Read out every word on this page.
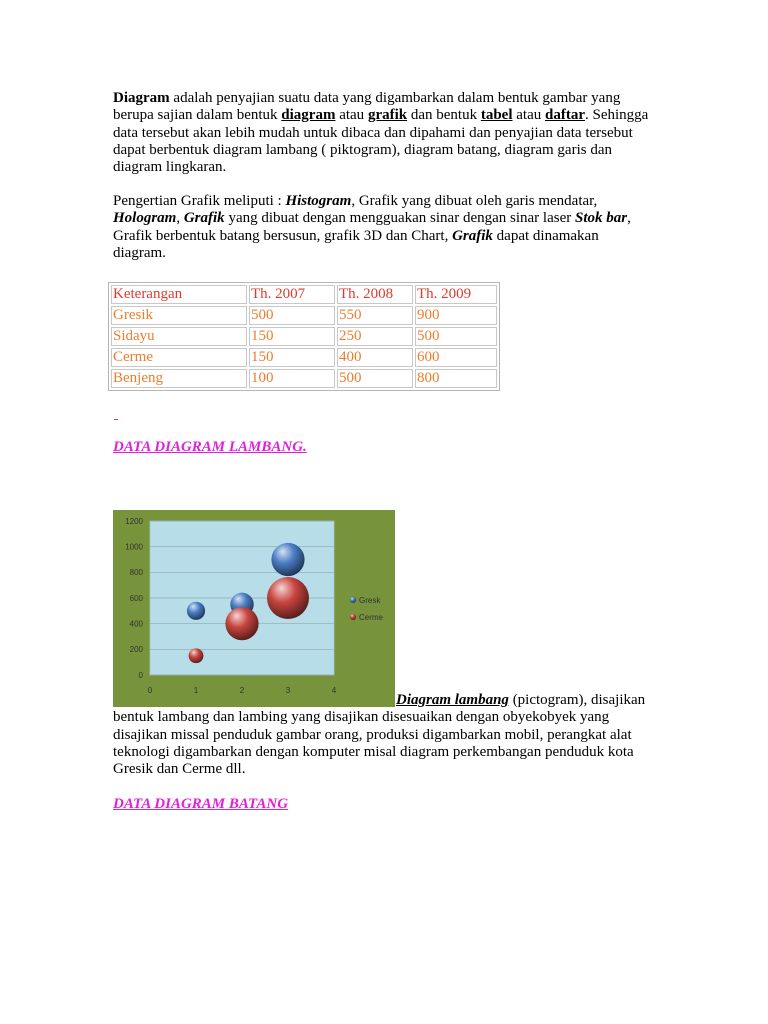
Diagram adalah penyajian suatu data yang digambarkan dalam bentuk gambar yang
berupa sajian dalam bentuk diagram atau grafik dan bentuk tabel atau daftar. Sehingga
data tersebut akan lebih mudah untuk dibaca dan dipahami dan penyajian data tersebut
dapat berbentuk diagram lambang ( piktogram), diagram batang, diagram garis dan
diagram lingkaran.
Pengertian Grafik meliputi : Histogram, Grafik yang dibuat oleh garis mendatar,
Hologram, Grafik yang dibuat dengan mengguakan sinar dengan sinar laser Stok bar,
Grafik berbentuk batang bersusun, grafik 3D dan Chart, Grafik dapat dinamakan
diagram.
Keterangan	Th. 2007	Th. 2008	Th. 2009
Gresik	500	550	900
Sidayu	150	250	500
Cerme	150	400	600
Benjeng	100	500	800
DATA DIAGRAM LAMBANG.
0
200
400
600
800
1000
1200
0	1	2	3	4
Gresk
Cerme
Diagram lambang (pictogram), disajikan
bentuk lambang dan lambing yang disajikan disesuaikan dengan obyekobyek yang
disajikan missal penduduk gambar orang, produksi digambarkan mobil, perangkat alat
teknologi digambarkan dengan komputer misal diagram perkembangan penduduk kota
Gresik dan Cerme dll.
DATA DIAGRAM BATANG
